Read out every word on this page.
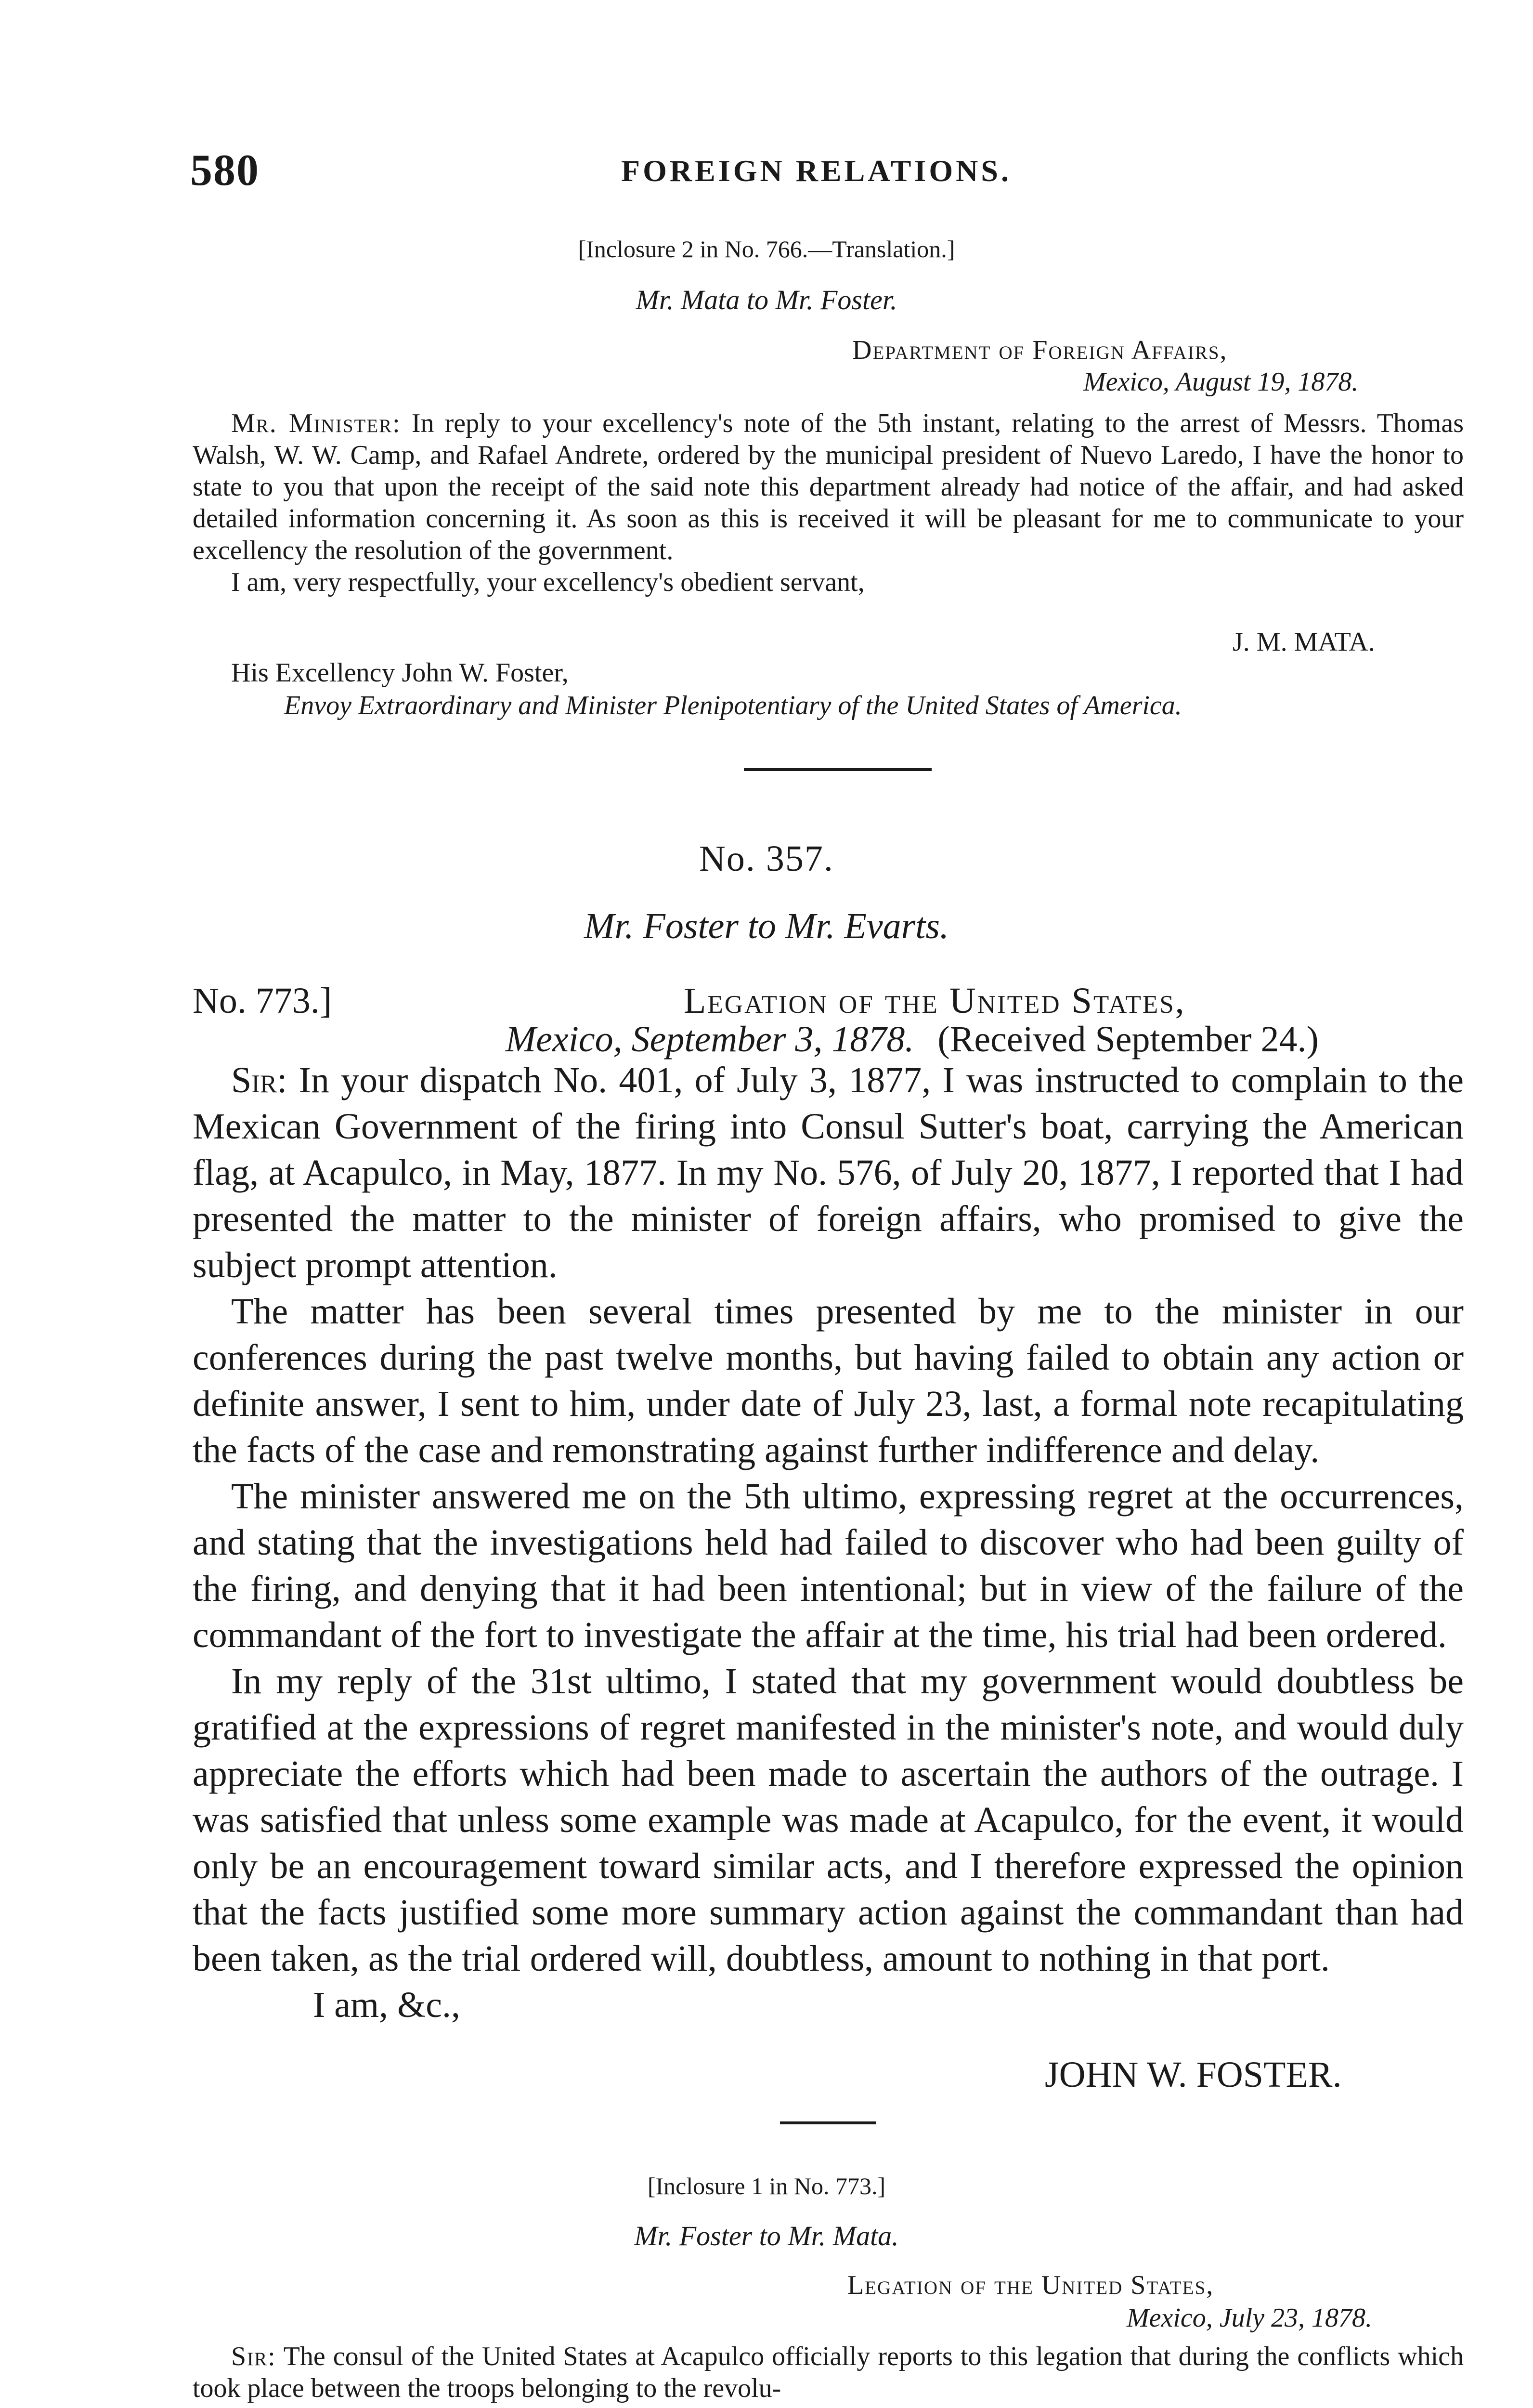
580	FOREIGN RELATIONS.
[Inclosure 2 in No. 766.—Translation.]
Mr. Mata to Mr. Foster.
Department of Foreign Affairs,
Mexico, August 19, 1878.

Mr. Minister: In reply to your excellency's note of the 5th instant, relating to the arrest of Messrs. Thomas Walsh, W. W. Camp, and Rafael Andrete, ordered by the municipal president of Nuevo Laredo, I have the honor to state to you that upon the receipt of the said note this department already had notice of the affair, and had asked detailed information concerning it. As soon as this is received it will be pleasant for me to communicate to your excellency the resolution of the government.

I am, very respectfully, your excellency's obedient servant,

J. M. MATA.
His Excellency John W. Foster,
Envoy Extraordinary and Minister Plenipotentiary of the United States of America.
No. 357.
Mr. Foster to Mr. Evarts.
No. 773.]	Legation of the United States,
Mexico, September 3, 1878. (Received September 24.)

Sir: In your dispatch No. 401, of July 3, 1877, I was instructed to complain to the Mexican Government of the firing into Consul Sutter's boat, carrying the American flag, at Acapulco, in May, 1877. In my No. 576, of July 20, 1877, I reported that I had presented the matter to the minister of foreign affairs, who promised to give the subject prompt attention.

The matter has been several times presented by me to the minister in our conferences during the past twelve months, but having failed to obtain any action or definite answer, I sent to him, under date of July 23, last, a formal note recapitulating the facts of the case and remonstrating against further indifference and delay.

The minister answered me on the 5th ultimo, expressing regret at the occurrences, and stating that the investigations held had failed to discover who had been guilty of the firing, and denying that it had been intentional; but in view of the failure of the commandant of the fort to investigate the affair at the time, his trial had been ordered.

In my reply of the 31st ultimo, I stated that my government would doubtless be gratified at the expressions of regret manifested in the minister's note, and would duly appreciate the efforts which had been made to ascertain the authors of the outrage. I was satisfied that unless some example was made at Acapulco, for the event, it would only be an encouragement toward similar acts, and I therefore expressed the opinion that the facts justified some more summary action against the commandant than had been taken, as the trial ordered will, doubtless, amount to nothing in that port.

I am, &c.,

JOHN W. FOSTER.
[Inclosure 1 in No. 773.]
Mr. Foster to Mr. Mata.
Legation of the United States,
Mexico, July 23, 1878.

Sir: The consul of the United States at Acapulco officially reports to this legation that during the conflicts which took place between the troops belonging to the revolu-
